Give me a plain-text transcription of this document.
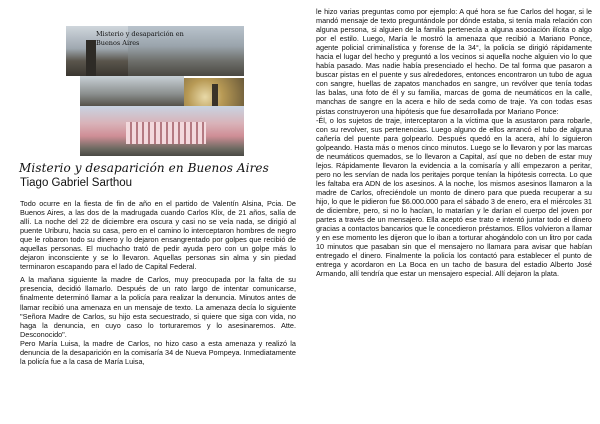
Misterio y desaparición en Buenos Aires
Misterio y desaparición en Buenos Aires
Tiago Gabriel Sarthou

Todo ocurre en la fiesta de fin de año en el partido de Valentín Alsina, Pcia. De Buenos Aires, a las dos de la madrugada cuando Carlos Klix, de 21 años, salía de allí. La noche del 22 de diciembre era oscura y casi no se veía nada, se dirigió al puente Uriburu, hacia su casa, pero en el camino lo interceptaron hombres de negro que le robaron todo su dinero y lo dejaron ensangrentado por golpes que recibió de aquellas personas. El muchacho trató de pedir ayuda pero con un golpe más lo dejaron inconsciente y se lo llevaron. Aquellas personas sin alma y sin piedad terminaron escapando para el lado de Capital Federal.

A la mañana siguiente la madre de Carlos, muy preocupada por la falta de su presencia, decidió llamarlo. Después de un rato largo de intentar comunicarse, finalmente determinó llamar a la policía para realizar la denuncia. Minutos antes de llamar recibió una amenaza en un mensaje de texto. La amenaza decía lo siguiente "Señora Madre de Carlos, su hijo esta secuestrado, si quiere que siga con vida, no haga la denuncia, en cuyo caso lo torturaremos y lo asesinaremos. Atte. Desconocido".

Pero María Luisa, la madre de Carlos, no hizo caso a esta amenaza y realizó la denuncia de la desaparición en la comisaría 34 de Nueva Pompeya. Inmediatamente la policía fue a la casa de María Luisa,

le hizo varias preguntas como por ejemplo: A qué hora se fue Carlos del hogar, si le mandó mensaje de texto preguntándole por dónde estaba, si tenía mala relación con alguna persona, si alguien de la familia pertenecía a alguna asociación ilícita o algo por el estilo. Luego, María le mostró la amenaza que recibió a Mariano Ponce, agente policial criminalística y forense de la 34°, la policía se dirigió rápidamente hacia el lugar del hecho y preguntó a los vecinos si aquella noche alguien vio lo que había pasado. Mas nadie había presenciado el hecho. De tal forma que pasaron a buscar pistas en el puente y sus alrededores, entonces encontraron un tubo de agua con sangre, huellas de zapatos manchados en sangre, un revólver que tenía todas las balas, una foto de él y su familia, marcas de goma de neumáticos en la calle, manchas de sangre en la acera e hilo de seda como de traje. Ya con todas esas pistas construyeron una hipótesis que fue desarrollada por Mariano Ponce:

-Él, o los sujetos de traje, interceptaron a la víctima que la asustaron para robarle, con su revolver, sus pertenencias. Luego alguno de ellos arrancó el tubo de alguna cañería del puente para golpearlo. Después quedó en la acera, ahí lo siguieron golpeando. Hasta más o menos cinco minutos. Luego se lo llevaron y por las marcas de neumáticos quemados, se lo llevaron a Capital, así que no deben de estar muy lejos. Rápidamente llevaron la evidencia a la comisaría y allí empezaron a peritar, pero no les servían de nada los peritajes porque tenían la hipótesis correcta. Lo que les faltaba era ADN de los asesinos. A la noche, los mismos asesinos llamaron a la madre de Carlos, ofreciéndole un monto de dinero para que pueda recuperar a su hijo, lo que le pidieron fue $6.000.000 para el sábado 3 de enero, era el miércoles 31 de diciembre, pero, si no lo hacían, lo matarían y le darían el cuerpo del joven por partes a través de un mensajero. Ella aceptó ese trato e intentó juntar todo el dinero gracias a contactos bancarios que le concedieron préstamos. Ellos volvieron a llamar y en ese momento les dijeron que lo iban a torturar ahogándolo con un litro por cada 10 minutos que pasaban sin que el mensajero no llamara para avisar que habían entregado el dinero. Finalmente la policía los contactó para establecer el punto de entrega y acordaron en La Boca en un tacho de basura del estadio Alberto José Armando, allí tendría que estar un mensajero especial. Allí dejaron la plata.
